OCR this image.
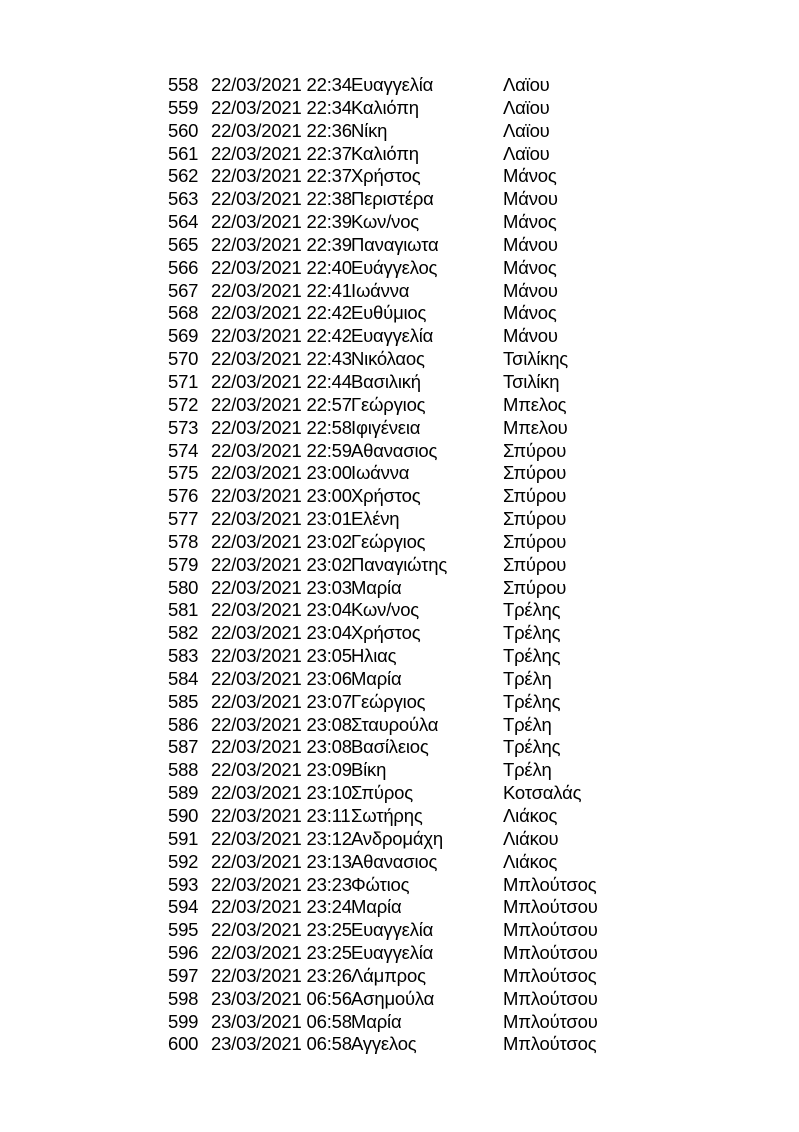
558 22/03/2021 22:34Ευαγγελία	Λαϊου
559 22/03/2021 22:34Καλιόπη	Λαϊου
560 22/03/2021 22:36Νίκη	Λαϊου
561 22/03/2021 22:37Καλιόπη	Λαϊου
562 22/03/2021 22:37Χρήστος	Μάνος
563 22/03/2021 22:38Περιστέρα	Μάνου
564 22/03/2021 22:39Κων/νος	Μάνος
565 22/03/2021 22:39Παναγιωτα	Μάνου
566 22/03/2021 22:40Ευάγγελος	Μάνος
567 22/03/2021 22:41Ιωάννα	Μάνου
568 22/03/2021 22:42Ευθύμιος	Μάνος
569 22/03/2021 22:42Ευαγγελία	Μάνου
570 22/03/2021 22:43Νικόλαος	Τσιλίκης
571 22/03/2021 22:44Βασιλική	Τσιλίκη
572 22/03/2021 22:57Γεώργιος	Μπελος
573 22/03/2021 22:58Ιφιγένεια	Μπελου
574 22/03/2021 22:59Αθανασιος	Σπύρου
575 22/03/2021 23:00Ιωάννα	Σπύρου
576 22/03/2021 23:00Χρήστος	Σπύρου
577 22/03/2021 23:01Ελένη	Σπύρου
578 22/03/2021 23:02Γεώργιος	Σπύρου
579 22/03/2021 23:02Παναγιώτης	Σπύρου
580 22/03/2021 23:03Μαρία	Σπύρου
581 22/03/2021 23:04Κων/νος	Τρέλης
582 22/03/2021 23:04Χρήστος	Τρέλης
583 22/03/2021 23:05Ηλιας	Τρέλης
584 22/03/2021 23:06Μαρία	Τρέλη
585 22/03/2021 23:07Γεώργιος	Τρέλης
586 22/03/2021 23:08Σταυρούλα	Τρέλη
587 22/03/2021 23:08Βασίλειος	Τρέλης
588 22/03/2021 23:09Βίκη	Τρέλη
589 22/03/2021 23:10Σπύρος	Κοτσαλάς
590 22/03/2021 23:11Σωτήρης	Λιάκος
591 22/03/2021 23:12Ανδρομάχη	Λιάκου
592 22/03/2021 23:13Αθανασιος	Λιάκος
593 22/03/2021 23:23Φώτιος	Μπλούτσος
594 22/03/2021 23:24Μαρία	Μπλούτσου
595 22/03/2021 23:25Ευαγγελία	Μπλούτσου
596 22/03/2021 23:25Ευαγγελία	Μπλούτσου
597 22/03/2021 23:26Λάμπρος	Μπλούτσος
598 23/03/2021 06:56Ασημούλα	Μπλούτσου
599 23/03/2021 06:58Μαρία	Μπλούτσου
600 23/03/2021 06:58Αγγελος	Μπλούτσος
